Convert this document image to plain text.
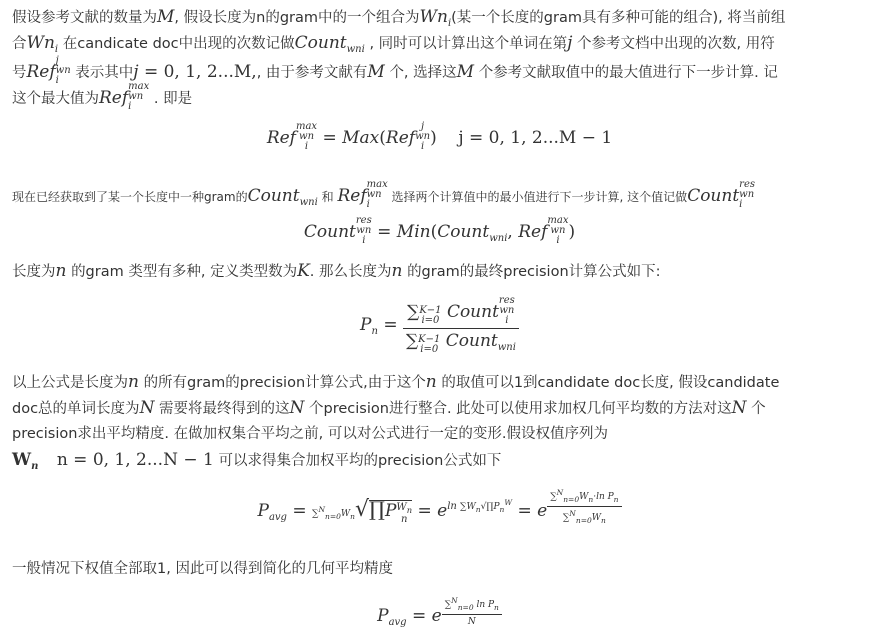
假设参考文献的数量为M, 假设长度为n的gram中的一个组合为$Wn_i$(某一个长度的gram具有多种可能的组合), 将当前组
合$Wn_i$ 在candicate doc中出现的次数记做Count$_{wni}$ , 同时可以计算出这个单词在第j 个参考文档中出现的次数, 用符
号Ref
j
wn
i	表示其中j = 0, 1, 2...M,, 由于参考文献有M 个, 选择这M 个参考文献取值中的最大值进行下一步计算. 记
这个最大值为Ref
max
wn
i	. 即是
Ref
max
wn
i = Max(Ref
j
wn
i )    j = 0, 1, 2...M − 1
现在已经获取到了某一个长度中一种gram的Count$_{wni}$ 和 Ref
max
wn
i
选择两个计算值中的最小值进行下一步计算, 这个值记做Count
res
wn
i
Count
res
wn
i = Min(Count$_{wni}$, Ref
max
wn
i )
长度为n 的gram 类型有多种, 定义类型数为K. 那么长度为n 的gram的最终precision计算公式如下:
$P_n$ = ∑ K−1
i=0 Count
res
wn
i
∑ K−1
i=0 Count$_{wni}$
以上公式是长度为n 的所有gram的precision计算公式,由于这个n 的取值可以1到candidate doc长度, 假设candidate
doc总的单词长度为N 需要将最终得到的这N 个precision进行整合. 此处可以使用求加权几何平均数的方法对这N 个
precision求出平均精度. 在做加权集合平均之前, 可以对公式进行一定的变形.假设权值序列为
$W_n$ n = 0, 1, 2...N − 1 可以求得集合加权平均的precision公式如下
$P_{avg}$ = $\sum^N_{n=0}W_n√\prod P$ $W_n$
$n = e^{ln \sum W_n√\prod P_n^W} = e$ $^{\frac{\sum^N_{n=0}W_n\cdot\ln P_n}{\sum^N_{n=0}W_n}}$
一般情况下权值全部取1, 因此可以得到简化的几何平均精度
$P_{avg} = e$ $^{\frac{\sum^N_{n=0} \ln P_n}{N}}$
